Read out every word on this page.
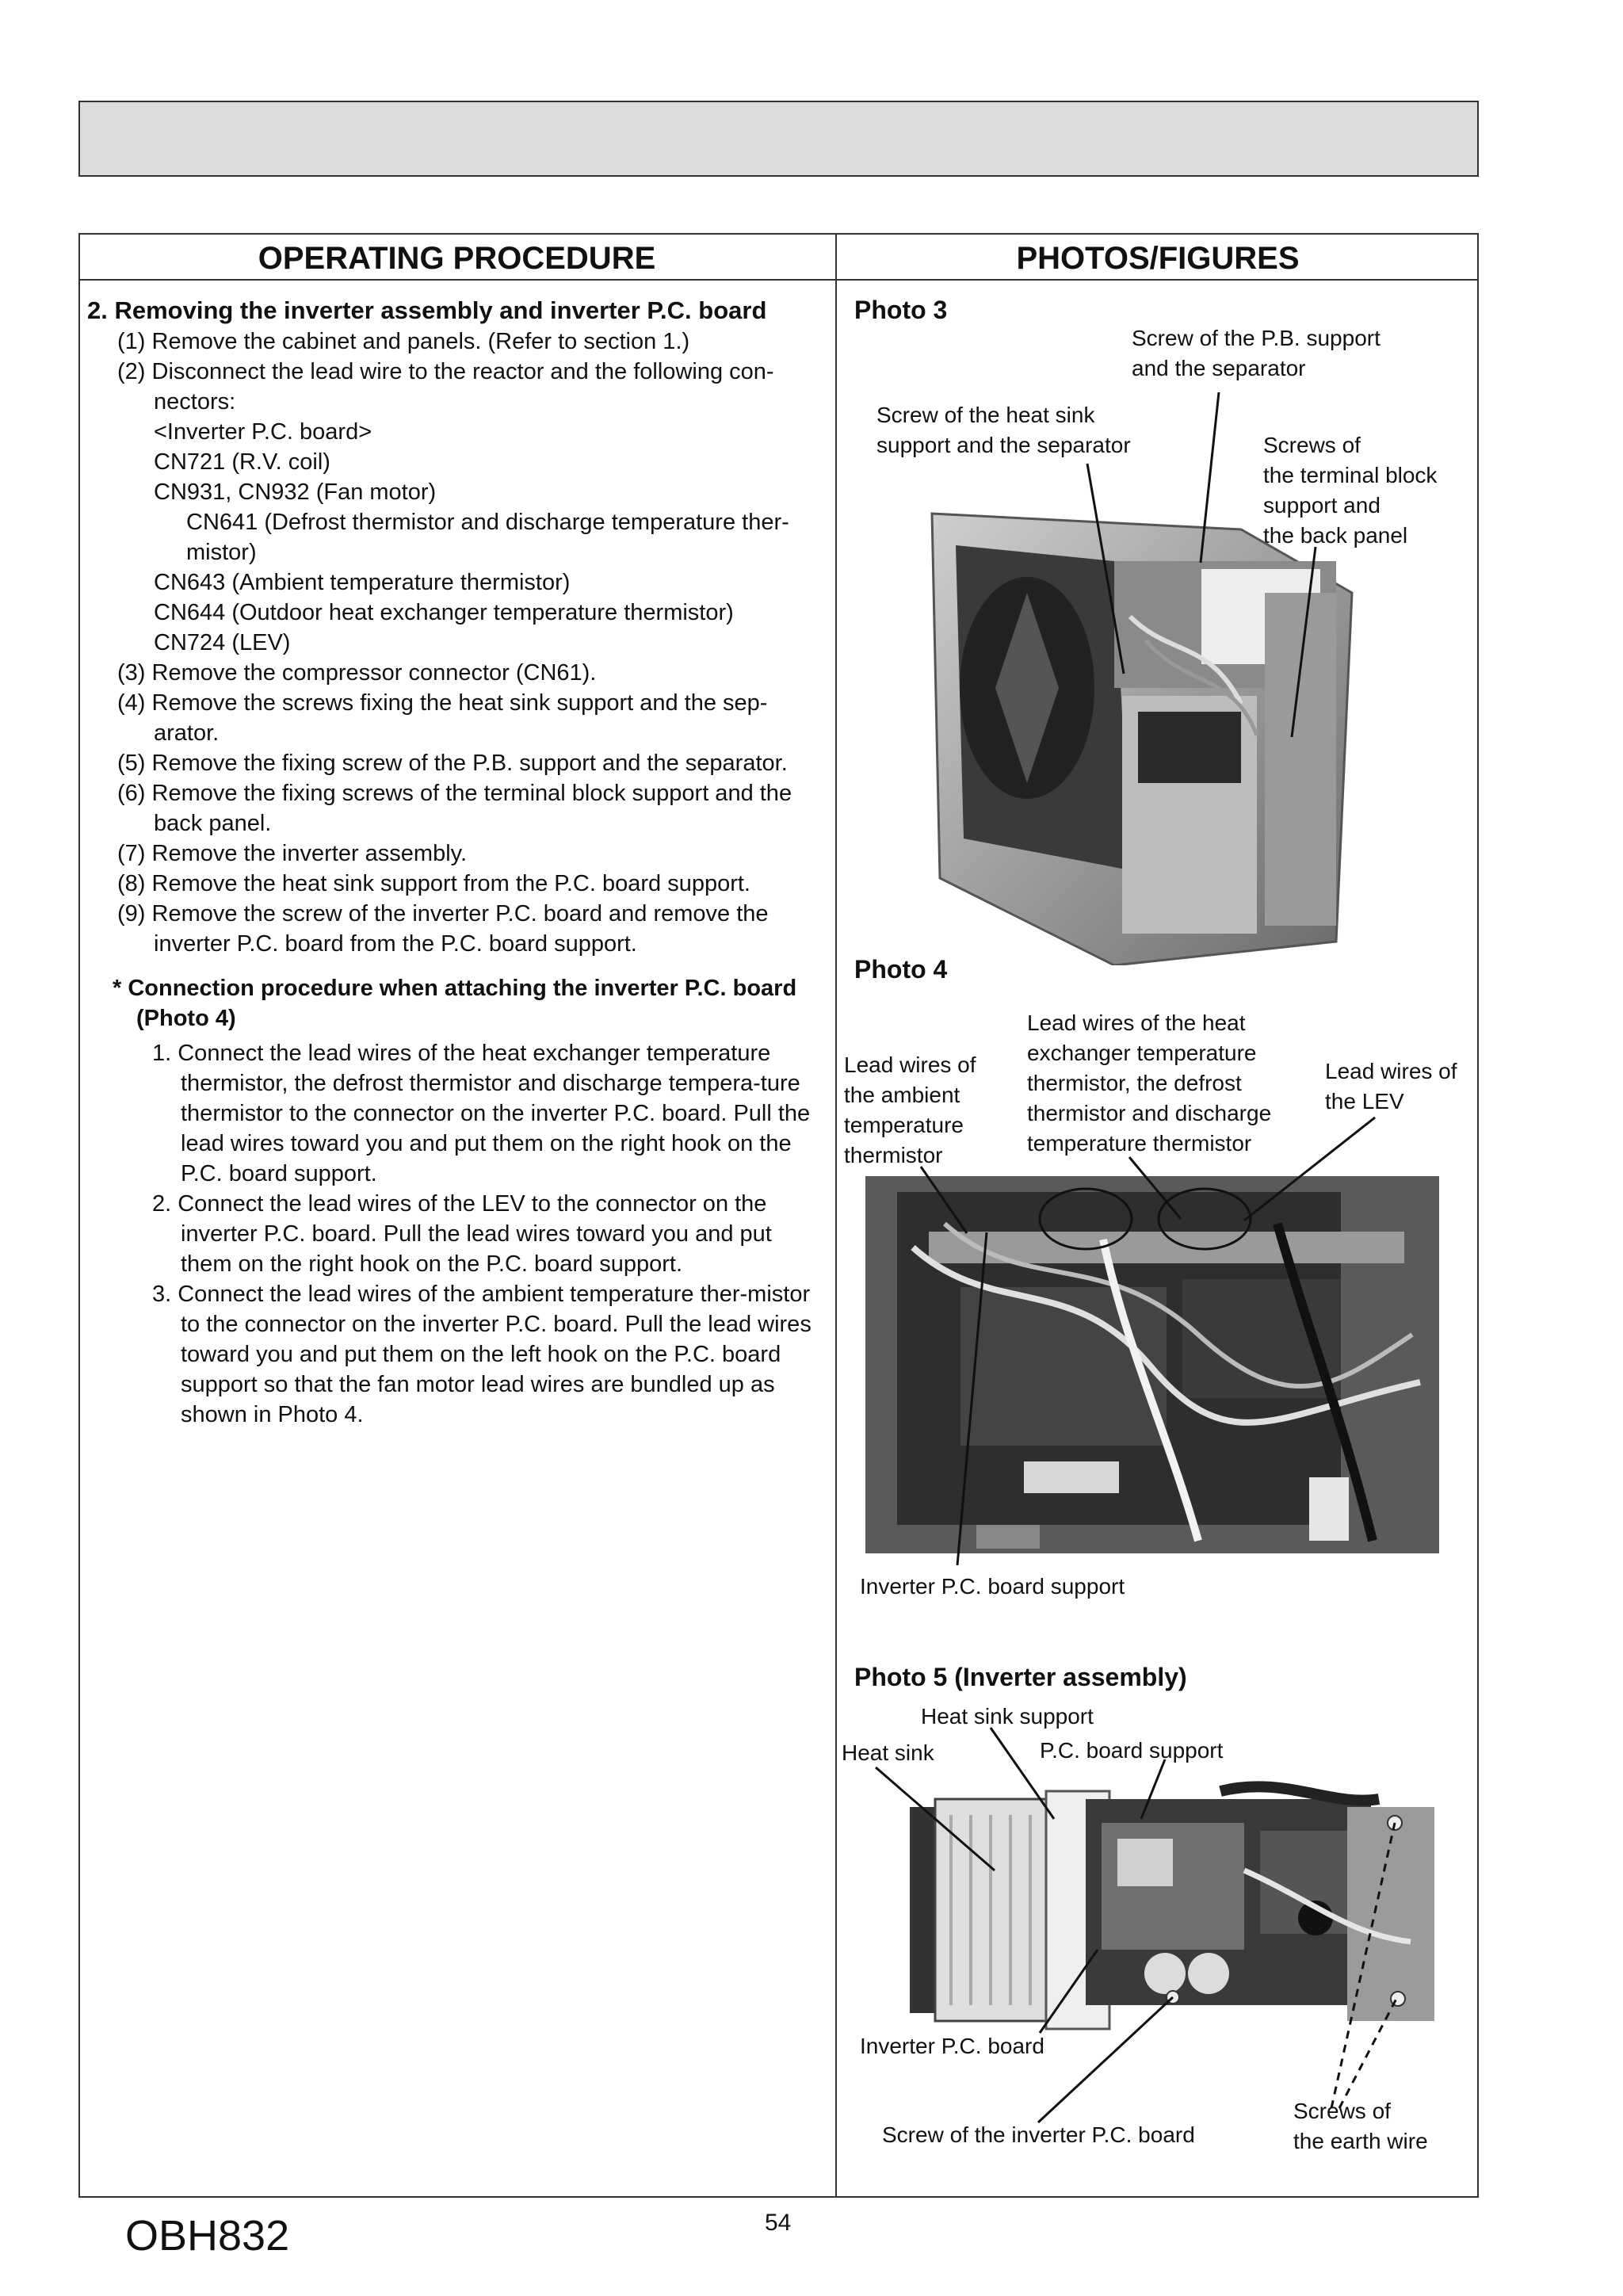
OPERATING PROCEDURE	PHOTOS/FIGURES
2. Removing the inverter assembly and inverter P.C. board
(1) Remove the cabinet and panels. (Refer to section 1.)
(2) Disconnect the lead wire to the reactor and the following con-nectors:
<Inverter P.C. board>
CN721 (R.V. coil)
CN931, CN932 (Fan motor)
CN641 (Defrost thermistor and discharge temperature ther-mistor)
CN643 (Ambient temperature thermistor)
CN644 (Outdoor heat exchanger temperature thermistor)
CN724 (LEV)
(3) Remove the compressor connector (CN61).
(4) Remove the screws fixing the heat sink support and the sep-arator.
(5) Remove the fixing screw of the P.B. support and the separator.
(6) Remove the fixing screws of the terminal block support and the back panel.
(7) Remove the inverter assembly.
(8) Remove the heat sink support from the P.C. board support.
(9) Remove the screw of the inverter P.C. board and remove the inverter P.C. board from the P.C. board support.
* Connection procedure when attaching the inverter P.C. board (Photo 4)
1. Connect the lead wires of the heat exchanger temperature thermistor, the defrost thermistor and discharge tempera-ture thermistor to the connector on the inverter P.C. board. Pull the lead wires toward you and put them on the right hook on the P.C. board support.
2. Connect the lead wires of the LEV to the connector on the inverter P.C. board. Pull the lead wires toward you and put them on the right hook on the P.C. board support.
3. Connect the lead wires of the ambient temperature ther-mistor to the connector on the inverter P.C. board. Pull the lead wires toward you and put them on the left hook on the P.C. board support so that the fan motor lead wires are bundled up as shown in Photo 4.
Photo 3
Screw of the P.B. support
and the separator
Screw of the heat sink
support and the separator	Screws of
the terminal block
support and
the back panel
Photo 4
Lead wires of the heat
exchanger temperature
thermistor, the defrost
thermistor and discharge
temperature thermistor
Lead wires of
the ambient
temperature
thermistor
Lead wires of
the LEV
Inverter P.C. board support
Photo 5 (Inverter assembly)
Heat sink support
Heat sink	P.C. board support
Inverter P.C. board
Screw of the inverter P.C. board
Screws of
the earth wire
OBH832	54
